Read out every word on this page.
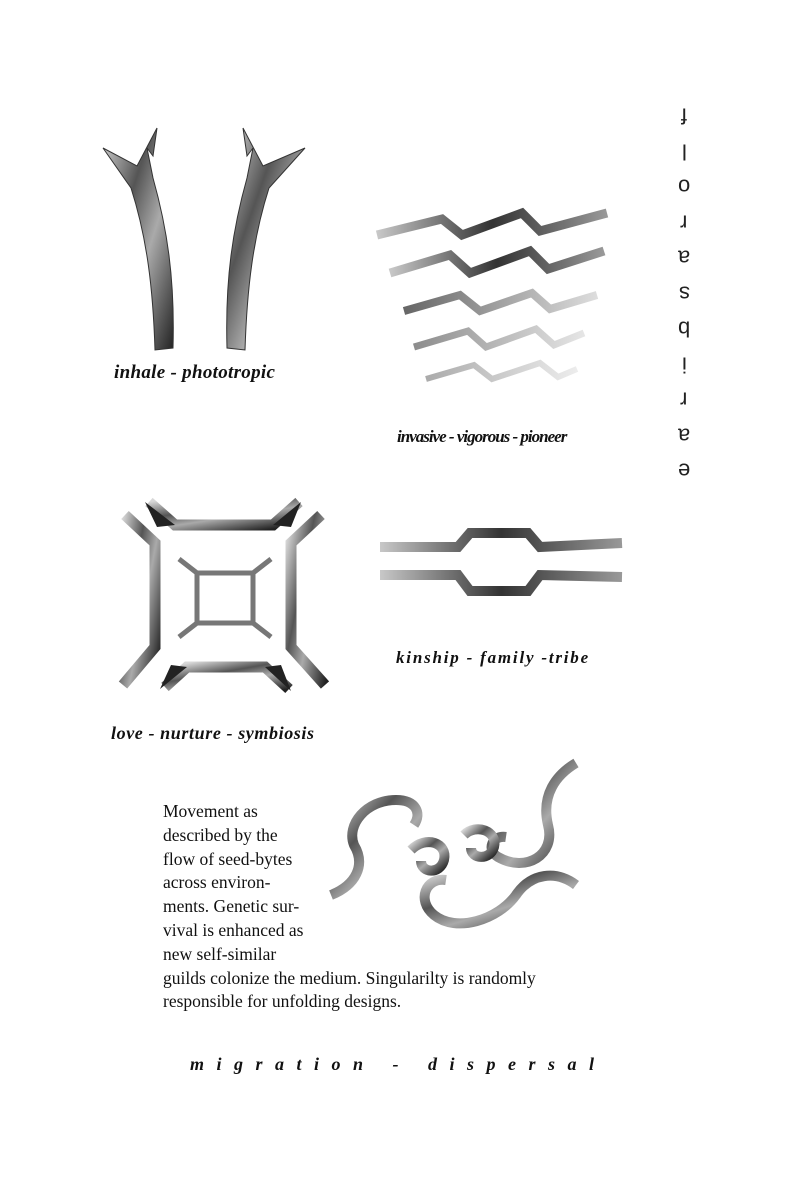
inhale - phototropic
invasive - vigorous - pioneer
love - nurture - symbiosis
kinship - family -tribe
Movement as
described by the
flow of seed-bytes
across environ-
ments. Genetic sur-
vival is enhanced as
new self-similar
guilds colonize the medium. Singularilty is randomly
responsible for unfolding designs.
migration - dispersal
f
l
o
r
a
s
b
i
r
a
e
